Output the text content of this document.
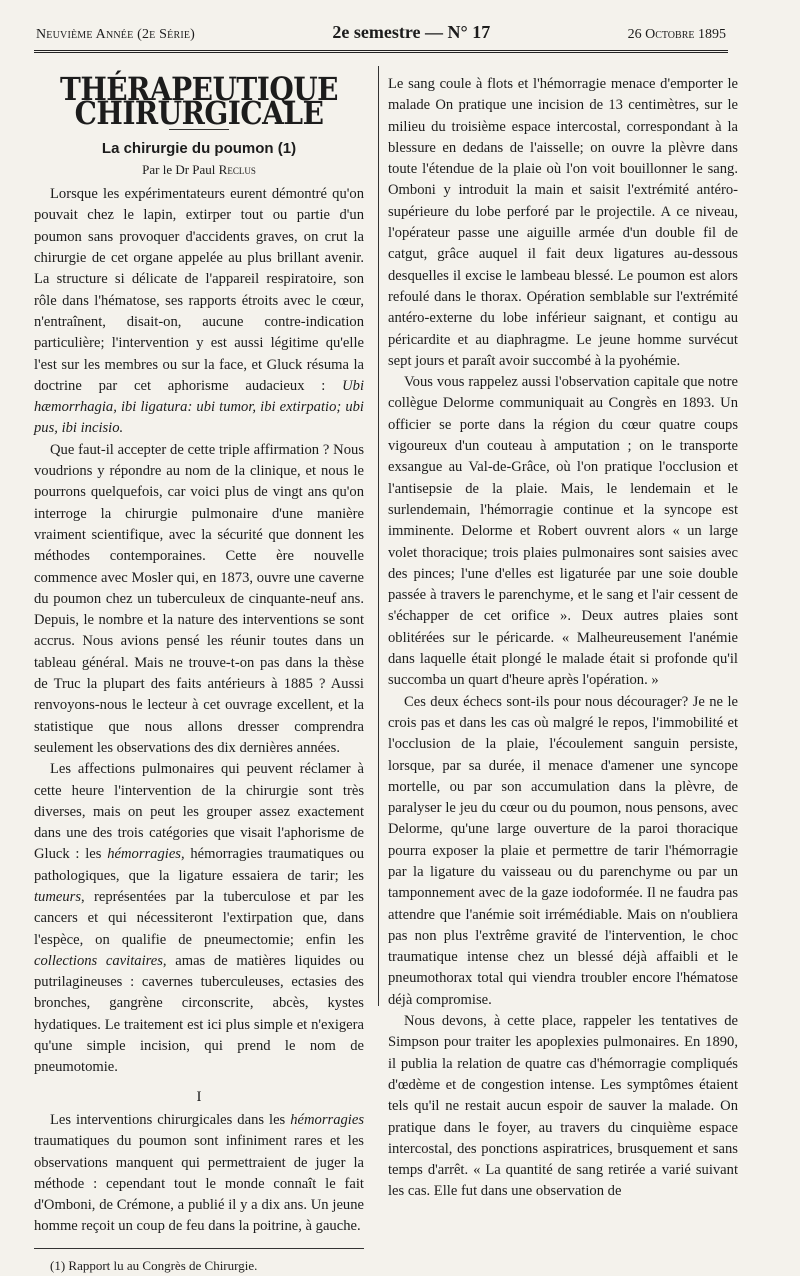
Neuvième Année (2e Série)	2e semestre — N° 17	26 Octobre 1895
THÉRAPEUTIQUE CHIRURGICALE
La chirurgie du poumon (1)
Par le Dr Paul Reclus

Lorsque les expérimentateurs eurent démontré qu'on pouvait chez le lapin, extirper tout ou partie d'un poumon sans provoquer d'accidents graves, on crut la chirurgie de cet organe appelée au plus brillant avenir. La structure si délicate de l'appareil respiratoire, son rôle dans l'hématose, ses rapports étroits avec le cœur, n'entraînent, disait-on, aucune contre-indication particulière; l'intervention y est aussi légitime qu'elle l'est sur les membres ou sur la face, et Gluck résuma la doctrine par cet aphorisme audacieux : Ubi hæmorrhagia, ibi ligatura: ubi tumor, ibi extirpatio; ubi pus, ibi incisio.

Que faut-il accepter de cette triple affirmation ? Nous voudrions y répondre au nom de la clinique, et nous le pourrons quelquefois, car voici plus de vingt ans qu'on interroge la chirurgie pulmonaire d'une manière vraiment scientifique, avec la sécurité que donnent les méthodes contemporaines. Cette ère nouvelle commence avec Mosler qui, en 1873, ouvre une caverne du poumon chez un tuberculeux de cinquante-neuf ans. Depuis, le nombre et la nature des interventions se sont accrus. Nous avions pensé les réunir toutes dans un tableau général. Mais ne trouve-t-on pas dans la thèse de Truc la plupart des faits antérieurs à 1885 ? Aussi renvoyons-nous le lecteur à cet ouvrage excellent, et la statistique que nous allons dresser comprendra seulement les observations des dix dernières années.

Les affections pulmonaires qui peuvent réclamer à cette heure l'intervention de la chirurgie sont très diverses, mais on peut les grouper assez exactement dans une des trois catégories que visait l'aphorisme de Gluck : les hémorragies, hémorragies traumatiques ou pathologiques, que la ligature essaiera de tarir; les tumeurs, représentées par la tuberculose et par les cancers et qui nécessiteront l'extirpation que, dans l'espèce, on qualifie de pneumectomie; enfin les collections cavitaires, amas de matières liquides ou putrilagineuses : cavernes tuberculeuses, ectasies des bronches, gangrène circonscrite, abcès, kystes hydatiques. Le traitement est ici plus simple et n'exigera qu'une simple incision, qui prend le nom de pneumotomie.

I

Les interventions chirurgicales dans les hémorragies traumatiques du poumon sont infiniment rares et les observations manquent qui permettraient de juger la méthode : cependant tout le monde connaît le fait d'Omboni, de Crémone, a publié il y a dix ans. Un jeune homme reçoit un coup de feu dans la poitrine, à gauche.

(1) Rapport lu au Congrès de Chirurgie.

Le sang coule à flots et l'hémorragie menace d'emporter le malade On pratique une incision de 13 centimètres, sur le milieu du troisième espace intercostal, correspondant à la blessure en dedans de l'aisselle; on ouvre la plèvre dans toute l'étendue de la plaie où l'on voit bouillonner le sang. Omboni y introduit la main et saisit l'extrémité antéro-supérieure du lobe perforé par le projectile. A ce niveau, l'opérateur passe une aiguille armée d'un double fil de catgut, grâce auquel il fait deux ligatures au-dessous desquelles il excise le lambeau blessé. Le poumon est alors refoulé dans le thorax. Opération semblable sur l'extrémité antéro-externe du lobe inférieur saignant, et contigu au péricardite et au diaphragme. Le jeune homme survécut sept jours et paraît avoir succombé à la pyohémie.

Vous vous rappelez aussi l'observation capitale que notre collègue Delorme communiquait au Congrès en 1893. Un officier se porte dans la région du cœur quatre coups vigoureux d'un couteau à amputation ; on le transporte exsangue au Val-de-Grâce, où l'on pratique l'occlusion et l'antisepsie de la plaie. Mais, le lendemain et le surlendemain, l'hémorragie continue et la syncope est imminente. Delorme et Robert ouvrent alors « un large volet thoracique; trois plaies pulmonaires sont saisies avec des pinces; l'une d'elles est ligaturée par une soie double passée à travers le parenchyme, et le sang et l'air cessent de s'échapper de cet orifice ». Deux autres plaies sont oblitérées sur le péricarde. « Malheureusement l'anémie dans laquelle était plongé le malade était si profonde qu'il succomba un quart d'heure après l'opération. »

Ces deux échecs sont-ils pour nous décourager? Je ne le crois pas et dans les cas où malgré le repos, l'immobilité et l'occlusion de la plaie, l'écoulement sanguin persiste, lorsque, par sa durée, il menace d'amener une syncope mortelle, ou par son accumulation dans la plèvre, de paralyser le jeu du cœur ou du poumon, nous pensons, avec Delorme, qu'une large ouverture de la paroi thoracique pourra exposer la plaie et permettre de tarir l'hémorragie par la ligature du vaisseau ou du parenchyme ou par un tamponnement avec de la gaze iodoformée. Il ne faudra pas attendre que l'anémie soit irrémédiable. Mais on n'oubliera pas non plus l'extrême gravité de l'intervention, le choc traumatique intense chez un blessé déjà affaibli et le pneumothorax total qui viendra troubler encore l'hématose déjà compromise.

Nous devons, à cette place, rappeler les tentatives de Simpson pour traiter les apoplexies pulmonaires. En 1890, il publia la relation de quatre cas d'hémorragie compliqués d'œdème et de congestion intense. Les symptômes étaient tels qu'il ne restait aucun espoir de sauver la malade. On pratique dans le foyer, au travers du cinquième espace intercostal, des ponctions aspiratrices, brusquement et sans temps d'arrêt. « La quantité de sang retirée a varié suivant les cas. Elle fut dans une observation de
